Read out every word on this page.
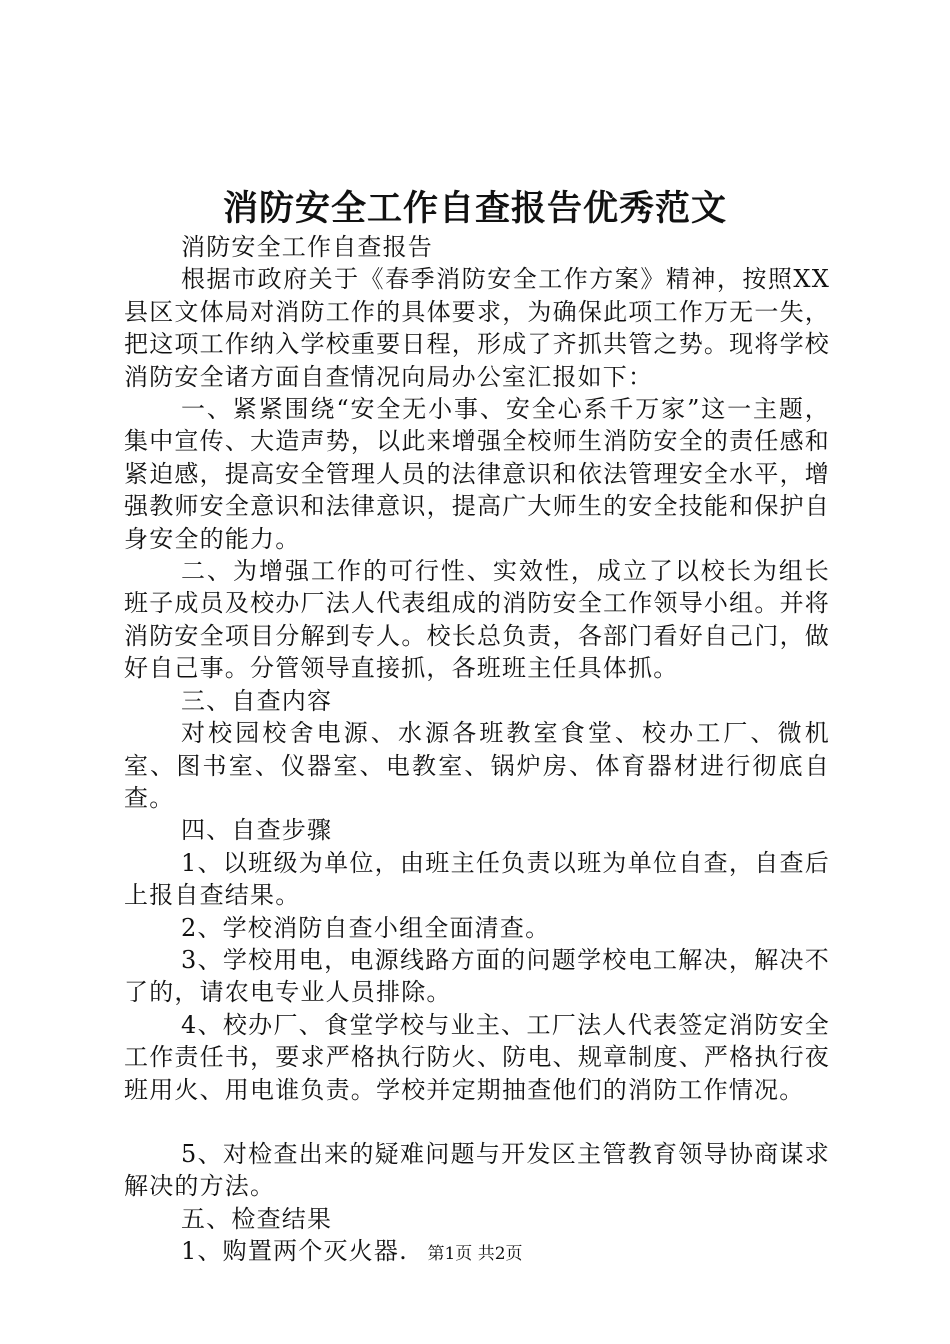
消防安全工作自查报告优秀范文

消防安全工作自查报告

根据市政府关于《春季消防安全工作方案》精神，按照XX县区文体局对消防工作的具体要求，为确保此项工作万无一失，把这项工作纳入学校重要日程，形成了齐抓共管之势。现将学校消防安全诸方面自查情况向局办公室汇报如下：

一、紧紧围绕“安全无小事、安全心系千万家”这一主题，集中宣传、大造声势，以此来增强全校师生消防安全的责任感和紧迫感，提高安全管理人员的法律意识和依法管理安全水平，增强教师安全意识和法律意识，提高广大师生的安全技能和保护自身安全的能力。

二、为增强工作的可行性、实效性，成立了以校长为组长班子成员及校办厂法人代表组成的消防安全工作领导小组。并将消防安全项目分解到专人。校长总负责，各部门看好自己门，做好自己事。分管领导直接抓，各班班主任具体抓。

三、自查内容

对校园校舍电源、水源各班教室食堂、校办工厂、微机室、图书室、仪器室、电教室、锅炉房、体育器材进行彻底自查。

四、自查步骤

1、以班级为单位，由班主任负责以班为单位自查，自查后上报自查结果。

2、学校消防自查小组全面清查。

3、学校用电，电源线路方面的问题学校电工解决，解决不了的，请农电专业人员排除。

4、校办厂、食堂学校与业主、工厂法人代表签定消防安全工作责任书，要求严格执行防火、防电、规章制度、严格执行夜班用火、用电谁负责。学校并定期抽查他们的消防工作情况。

5、对检查出来的疑难问题与开发区主管教育领导协商谋求解决的方法。

五、检查结果

1、购置两个灭火器.	第1页 共2页
